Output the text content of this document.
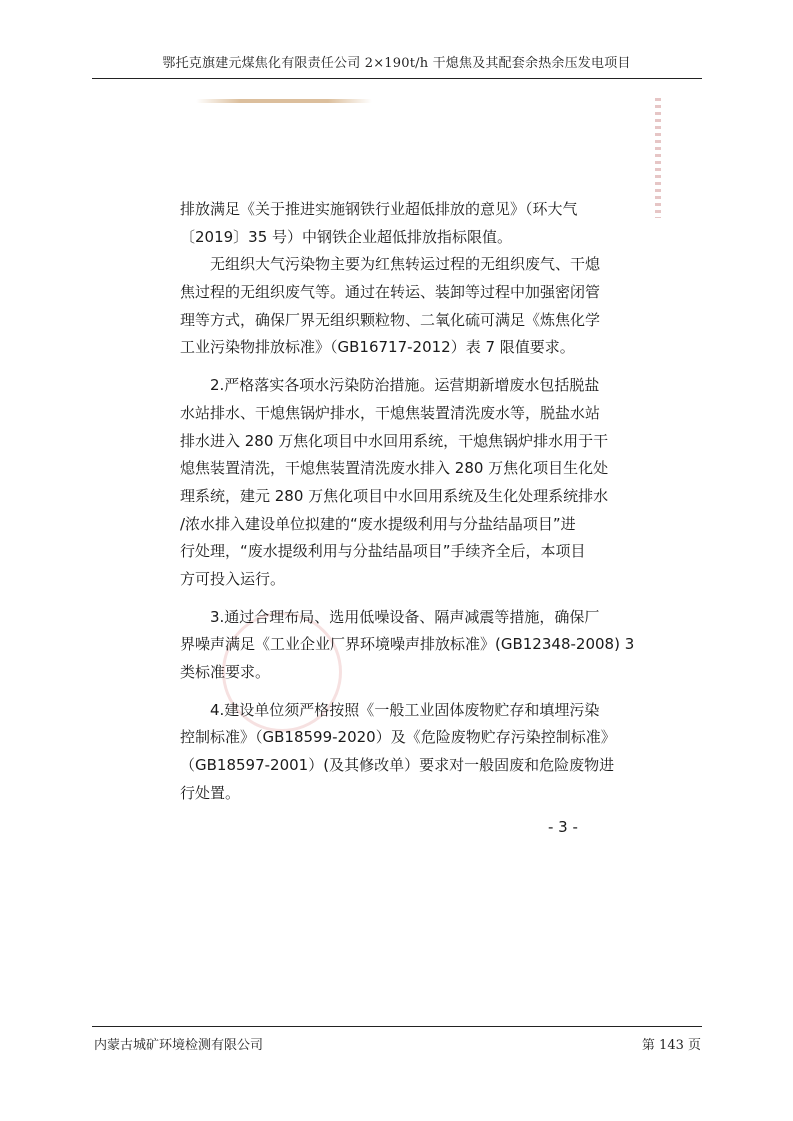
鄂托克旗建元煤焦化有限责任公司 2×190t/h 干熄焦及其配套余热余压发电项目
排放满足《关于推进实施钢铁行业超低排放的意见》（环大气
〔2019〕35 号）中钢铁企业超低排放指标限值。
无组织大气污染物主要为红焦转运过程的无组织废气、干熄
焦过程的无组织废气等。通过在转运、装卸等过程中加强密闭管
理等方式，确保厂界无组织颗粒物、二氧化硫可满足《炼焦化学
工业污染物排放标准》（GB16717-2012）表 7 限值要求。
2.严格落实各项水污染防治措施。运营期新增废水包括脱盐
水站排水、干熄焦锅炉排水，干熄焦装置清洗废水等，脱盐水站
排水进入 280 万焦化项目中水回用系统，干熄焦锅炉排水用于干
熄焦装置清洗，干熄焦装置清洗废水排入 280 万焦化项目生化处
理系统，建元 280 万焦化项目中水回用系统及生化处理系统排水
/浓水排入建设单位拟建的“废水提级利用与分盐结晶项目”进
行处理，“废水提级利用与分盐结晶项目”手续齐全后，本项目
方可投入运行。
3.通过合理布局、选用低噪设备、隔声减震等措施，确保厂
界噪声满足《工业企业厂界环境噪声排放标准》(GB12348-2008) 3
类标准要求。
4.建设单位须严格按照《一般工业固体废物贮存和填埋污染
控制标准》（GB18599-2020）及《危险废物贮存污染控制标准》
（GB18597-2001）(及其修改单）要求对一般固废和危险废物进
行处置。
- 3 -
内蒙古城矿环境检测有限公司	第 143 页
